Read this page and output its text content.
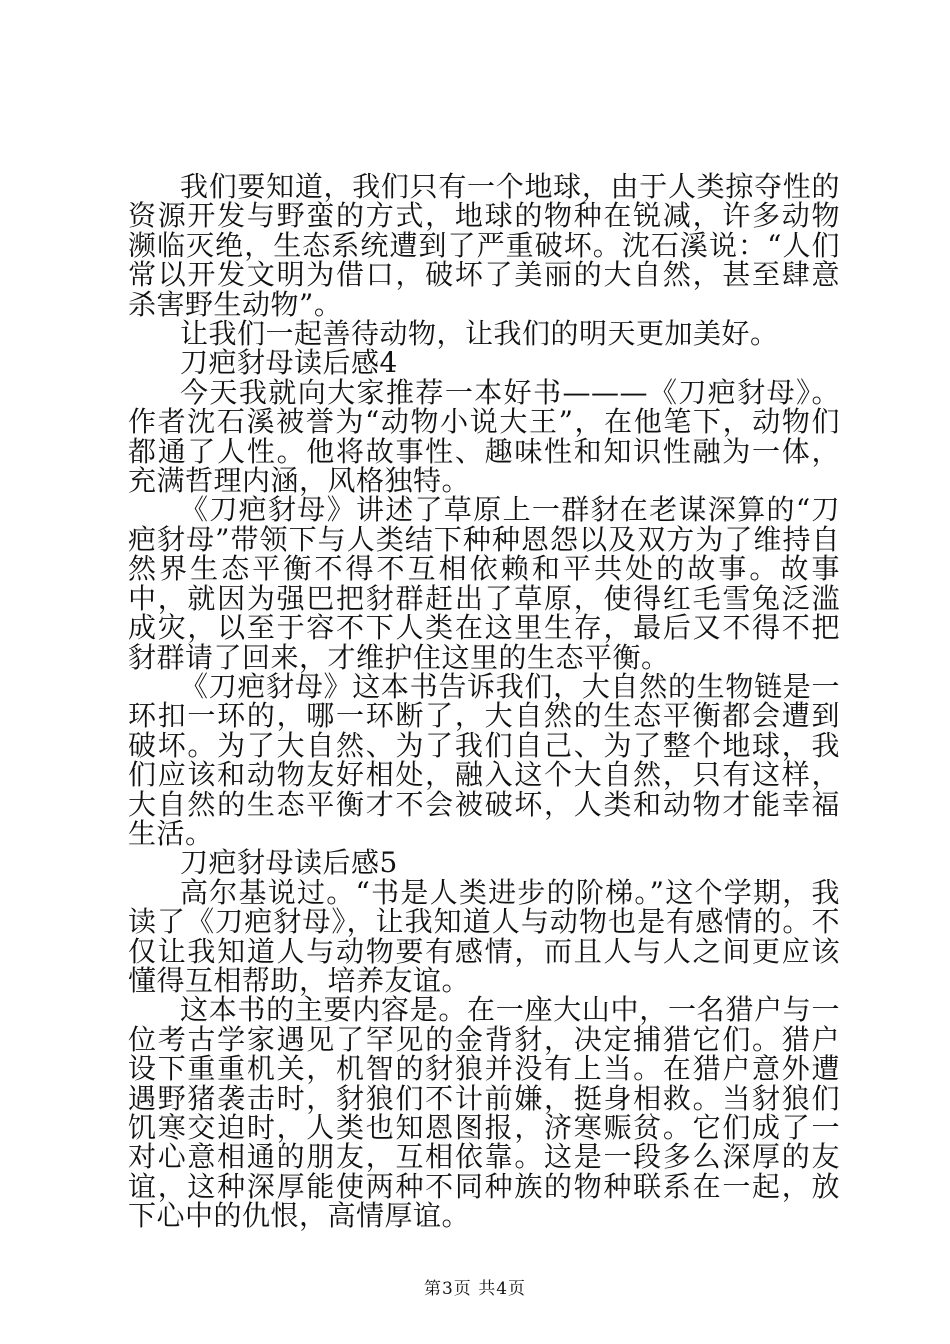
我们要知道，我们只有一个地球，由于人类掠夺性的资源开发与野蛮的方式，地球的物种在锐减，许多动物濒临灭绝，生态系统遭到了严重破坏。沈石溪说：“人们常以开发文明为借口，破坏了美丽的大自然，甚至肆意杀害野生动物”。

让我们一起善待动物，让我们的明天更加美好。

刀疤豺母读后感4

今天我就向大家推荐一本好书———《刀疤豺母》。作者沈石溪被誉为“动物小说大王”，在他笔下，动物们都通了人性。他将故事性、趣味性和知识性融为一体，充满哲理内涵，风格独特。

《刀疤豺母》讲述了草原上一群豺在老谋深算的“刀疤豺母”带领下与人类结下种种恩怨以及双方为了维持自然界生态平衡不得不互相依赖和平共处的故事。故事中，就因为强巴把豺群赶出了草原，使得红毛雪兔泛滥成灾，以至于容不下人类在这里生存，最后又不得不把豺群请了回来，才维护住这里的生态平衡。

《刀疤豺母》这本书告诉我们，大自然的生物链是一环扣一环的，哪一环断了，大自然的生态平衡都会遭到破坏。为了大自然、为了我们自己、为了整个地球，我们应该和动物友好相处，融入这个大自然，只有这样，大自然的生态平衡才不会被破坏，人类和动物才能幸福生活。

刀疤豺母读后感5

高尔基说过。“书是人类进步的阶梯。”这个学期，我读了《刀疤豺母》，让我知道人与动物也是有感情的。不仅让我知道人与动物要有感情，而且人与人之间更应该懂得互相帮助，培养友谊。

这本书的主要内容是。在一座大山中，一名猎户与一位考古学家遇见了罕见的金背豺，决定捕猎它们。猎户设下重重机关，机智的豺狼并没有上当。在猎户意外遭遇野猪袭击时，豺狼们不计前嫌，挺身相救。当豺狼们饥寒交迫时，人类也知恩图报，济寒赈贫。它们成了一对心意相通的朋友，互相依靠。这是一段多么深厚的友谊，这种深厚能使两种不同种族的物种联系在一起，放下心中的仇恨，高情厚谊。

第3页 共4页
